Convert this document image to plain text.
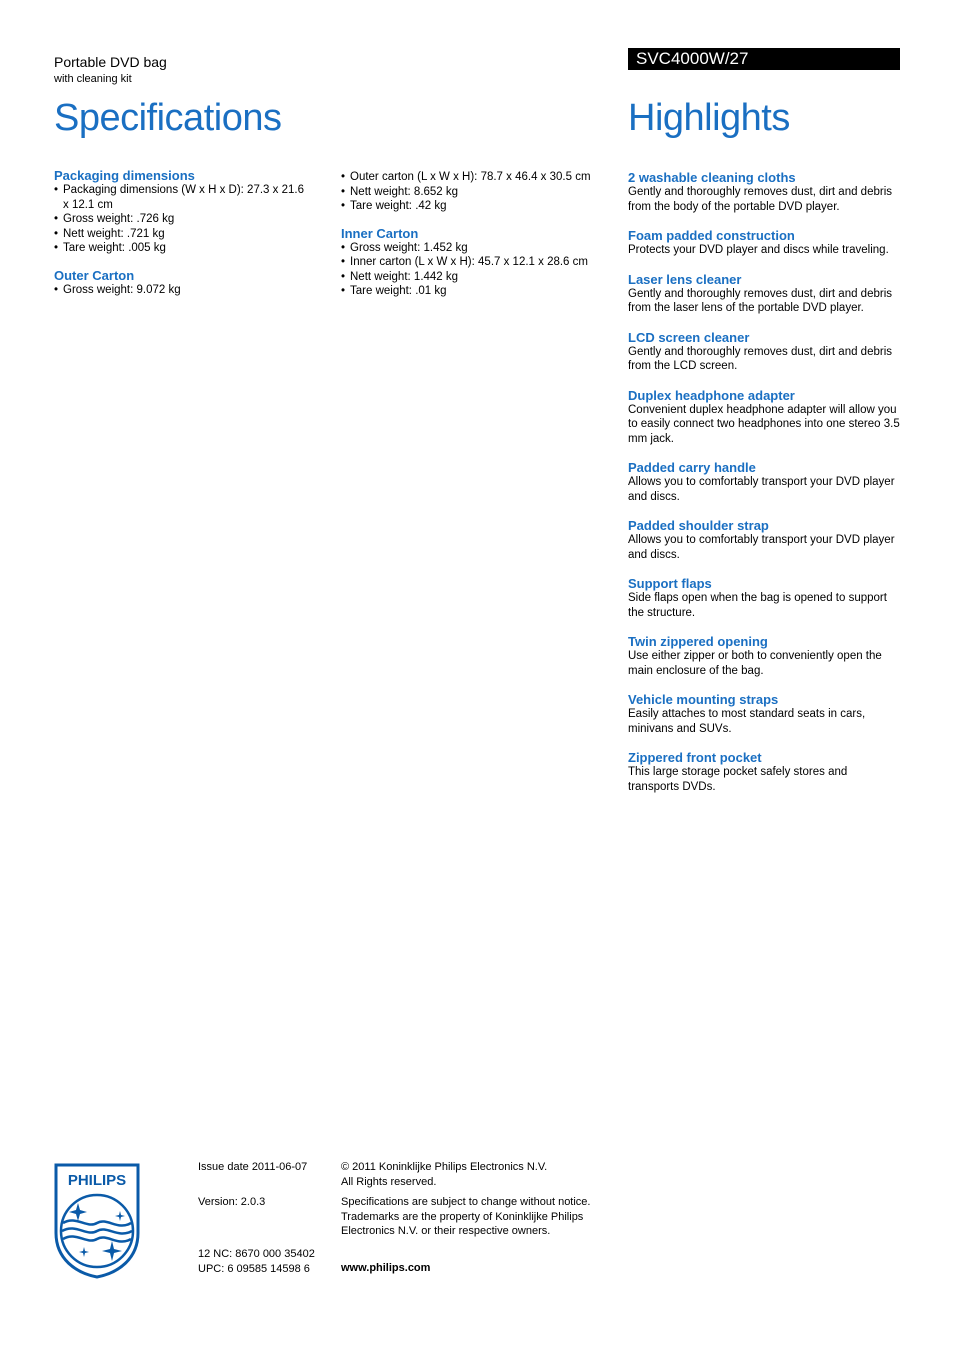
Portable DVD bag
with cleaning kit
SVC4000W/27
Specifications	Highlights
Packaging dimensions
• Packaging dimensions (W x H x D): 27.3 x 21.6 x 12.1 cm
• Gross weight: .726 kg
• Nett weight: .721 kg
• Tare weight: .005 kg
Outer Carton
• Gross weight: 9.072 kg
• Outer carton (L x W x H): 78.7 x 46.4 x 30.5 cm
• Nett weight: 8.652 kg
• Tare weight: .42 kg
Inner Carton
• Gross weight: 1.452 kg
• Inner carton (L x W x H): 45.7 x 12.1 x 28.6 cm
• Nett weight: 1.442 kg
• Tare weight: .01 kg
2 washable cleaning cloths
Gently and thoroughly removes dust, dirt and debris from the body of the portable DVD player.
Foam padded construction
Protects your DVD player and discs while traveling.
Laser lens cleaner
Gently and thoroughly removes dust, dirt and debris from the laser lens of the portable DVD player.
LCD screen cleaner
Gently and thoroughly removes dust, dirt and debris from the LCD screen.
Duplex headphone adapter
Convenient duplex headphone adapter will allow you to easily connect two headphones into one stereo 3.5 mm jack.
Padded carry handle
Allows you to comfortably transport your DVD player and discs.
Padded shoulder strap
Allows you to comfortably transport your DVD player and discs.
Support flaps
Side flaps open when the bag is opened to support the structure.
Twin zippered opening
Use either zipper or both to conveniently open the main enclosure of the bag.
Vehicle mounting straps
Easily attaches to most standard seats in cars, minivans and SUVs.
Zippered front pocket
This large storage pocket safely stores and transports DVDs.
PHILIPS
Issue date 2011-06-07
Version: 2.0.3
12 NC: 8670 000 35402
UPC: 6 09585 14598 6
© 2011 Koninklijke Philips Electronics N.V.
All Rights reserved.
Specifications are subject to change without notice.
Trademarks are the property of Koninklijke Philips
Electronics N.V. or their respective owners.
www.philips.com
